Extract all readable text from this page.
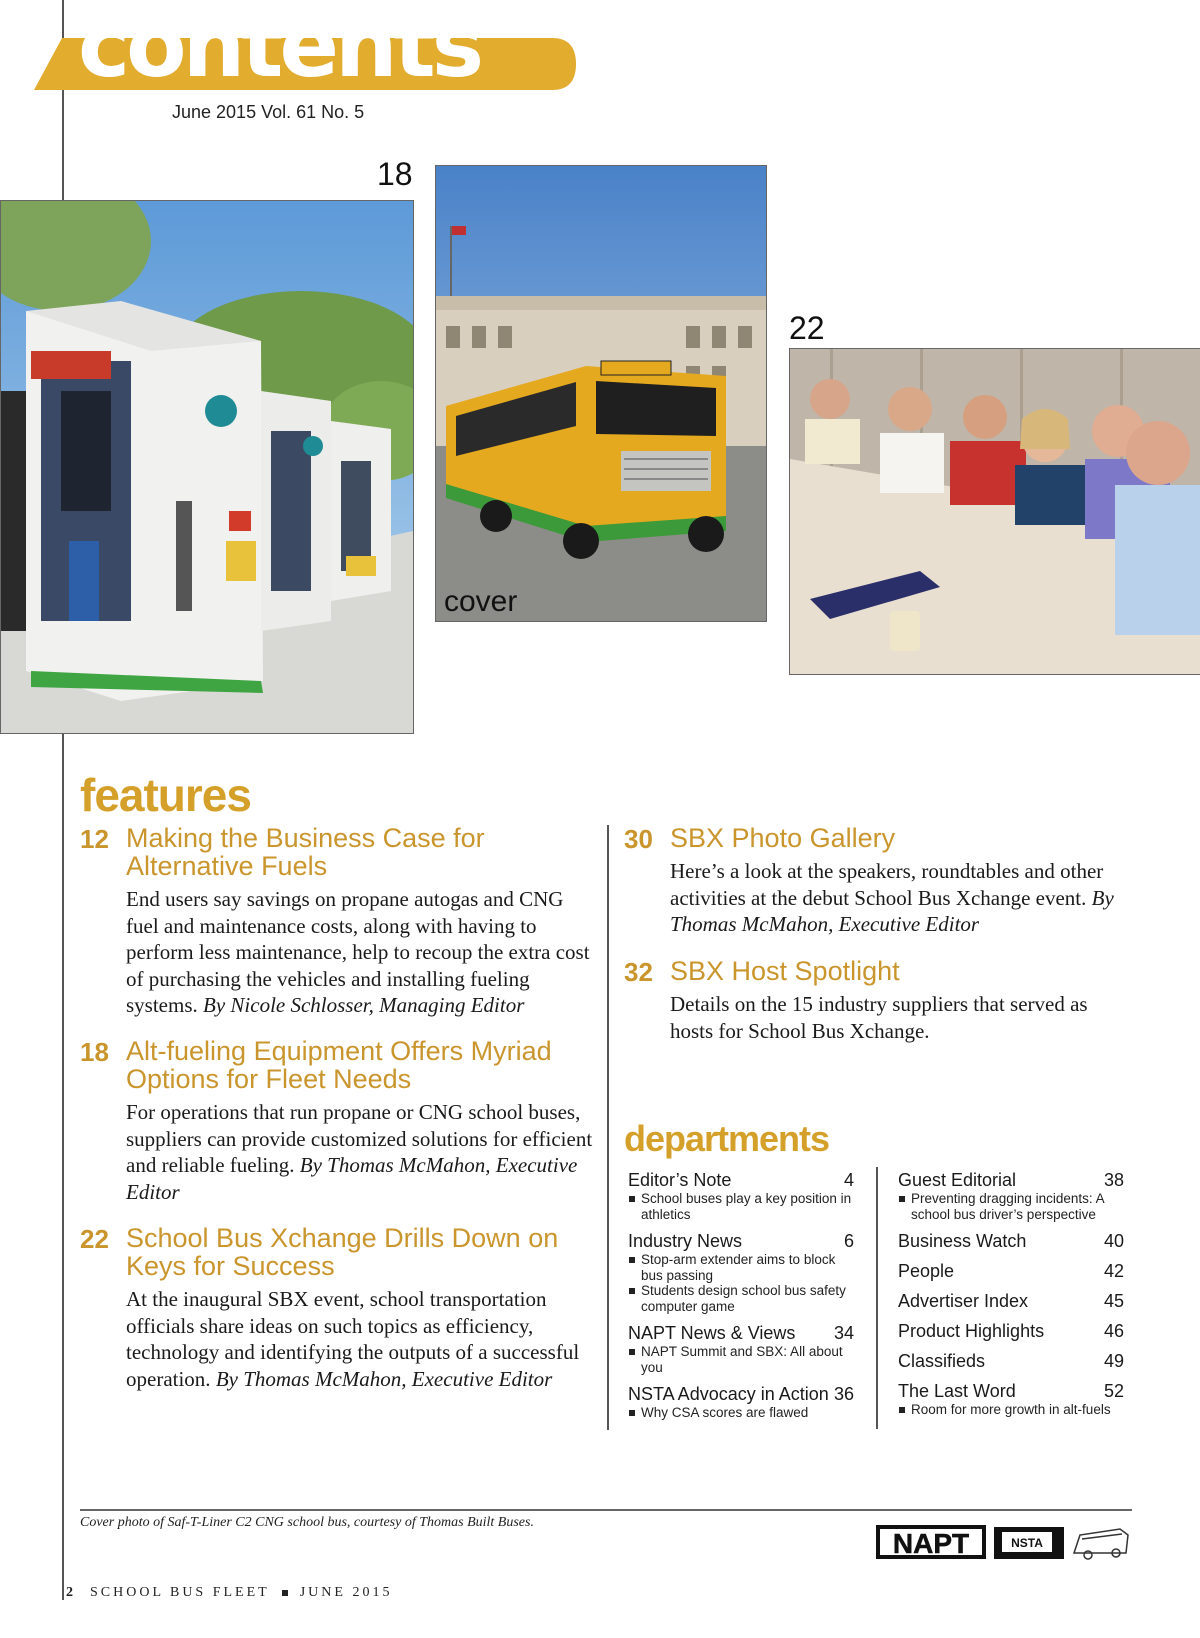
contents
June 2015 Vol. 61 No. 5
18
cover
22
features
12 Making the Business Case for Alternative Fuels

End users say savings on propane autogas and CNG fuel and maintenance costs, along with having to perform less maintenance, help to recoup the extra cost of purchasing the vehicles and installing fueling systems. By Nicole Schlosser, Managing Editor

18 Alt-fueling Equipment Offers Myriad Options for Fleet Needs

For operations that run propane or CNG school buses, suppliers can provide customized solutions for efficient and reliable fueling. By Thomas McMahon, Executive Editor

22 School Bus Xchange Drills Down on Keys for Success

At the inaugural SBX event, school transportation officials share ideas on such topics as efficiency, technology and identifying the outputs of a successful operation. By Thomas McMahon, Executive Editor

30 SBX Photo Gallery

Here’s a look at the speakers, roundtables and other activities at the debut School Bus Xchange event. By Thomas McMahon, Executive Editor

32 SBX Host Spotlight

Details on the 15 industry suppliers that served as hosts for School Bus Xchange.

departments
Editor’s Note	4
School buses play a key position in athletics
Industry News	6
Stop-arm extender aims to block bus passing
Students design school bus safety computer game
NAPT News & Views 34
NAPT Summit and SBX: All about you
NSTA Advocacy in Action 36
Why CSA scores are flawed
Guest Editorial	38
Preventing dragging incidents: A school bus driver’s perspective
Business Watch	40
People	42
Advertiser Index	45
Product Highlights	46
Classifieds	49
The Last Word	52
Room for more growth in alt-fuels
Cover photo of Saf-T-Liner C2 CNG school bus, courtesy of Thomas Built Buses.
NAPT	NSTA
2 SCHOOL BUS FLEET JUNE 2015
